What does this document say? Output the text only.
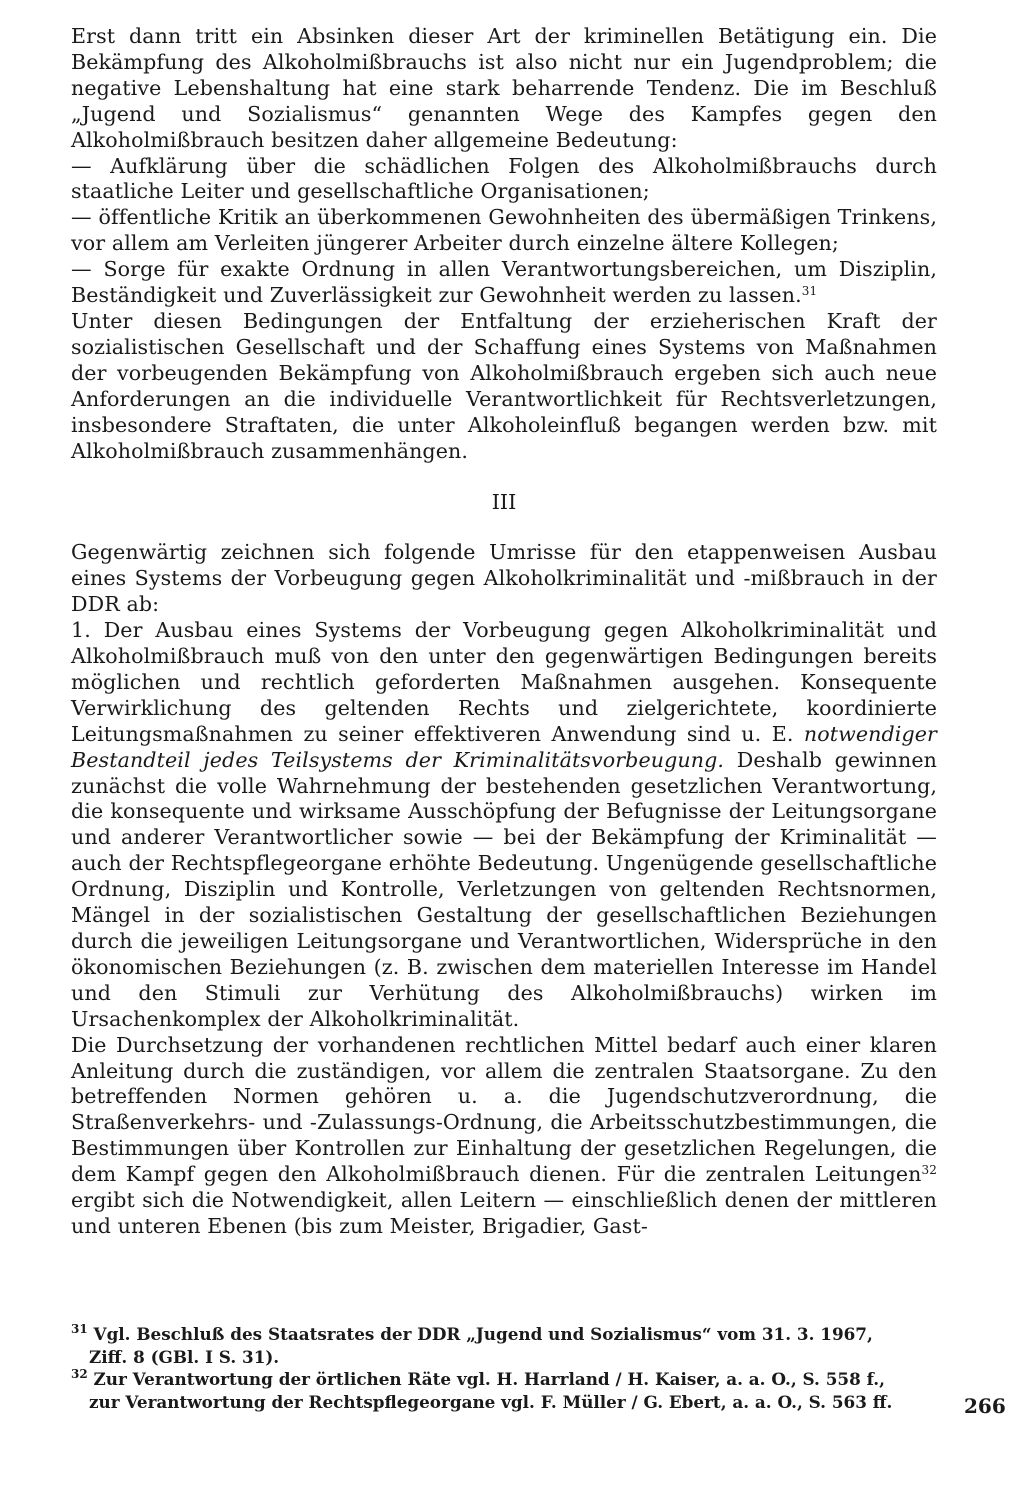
Erst dann tritt ein Absinken dieser Art der kriminellen Betätigung ein. Die Bekämpfung des Alkoholmißbrauchs ist also nicht nur ein Jugendproblem; die negative Lebenshaltung hat eine stark beharrende Tendenz. Die im Beschluß „Jugend und Sozialismus“ genannten Wege des Kampfes gegen den Alkoholmißbrauch besitzen daher allgemeine Bedeutung:

— Aufklärung über die schädlichen Folgen des Alkoholmißbrauchs durch staatliche Leiter und gesellschaftliche Organisationen;

— öffentliche Kritik an überkommenen Gewohnheiten des übermäßigen Trinkens, vor allem am Verleiten jüngerer Arbeiter durch einzelne ältere Kollegen;

— Sorge für exakte Ordnung in allen Verantwortungsbereichen, um Disziplin, Beständigkeit und Zuverlässigkeit zur Gewohnheit werden zu lassen.$^{31}$

Unter diesen Bedingungen der Entfaltung der erzieherischen Kraft der sozialistischen Gesellschaft und der Schaffung eines Systems von Maßnahmen der vorbeugenden Bekämpfung von Alkoholmißbrauch ergeben sich auch neue Anforderungen an die individuelle Verantwortlichkeit für Rechtsverletzungen, insbesondere Straftaten, die unter Alkoholeinfluß begangen werden bzw. mit Alkoholmißbrauch zusammenhängen.

III

Gegenwärtig zeichnen sich folgende Umrisse für den etappenweisen Ausbau eines Systems der Vorbeugung gegen Alkoholkriminalität und -mißbrauch in der DDR ab:

1. Der Ausbau eines Systems der Vorbeugung gegen Alkoholkriminalität und Alkoholmißbrauch muß von den unter den gegenwärtigen Bedingungen bereits möglichen und rechtlich geforderten Maßnahmen ausgehen. Konsequente Verwirklichung des geltenden Rechts und zielgerichtete, koordinierte Leitungsmaßnahmen zu seiner effektiveren Anwendung sind u. E. notwendiger Bestandteil jedes Teilsystems der Kriminalitätsvorbeugung. Deshalb gewinnen zunächst die volle Wahrnehmung der bestehenden gesetzlichen Verantwortung, die konsequente und wirksame Ausschöpfung der Befugnisse der Leitungsorgane und anderer Verantwortlicher sowie — bei der Bekämpfung der Kriminalität — auch der Rechtspflegeorgane erhöhte Bedeutung. Ungenügende gesellschaftliche Ordnung, Disziplin und Kontrolle, Verletzungen von geltenden Rechtsnormen, Mängel in der sozialistischen Gestaltung der gesellschaftlichen Beziehungen durch die jeweiligen Leitungsorgane und Verantwortlichen, Widersprüche in den ökonomischen Beziehungen (z. B. zwischen dem materiellen Interesse im Handel und den Stimuli zur Verhütung des Alkoholmißbrauchs) wirken im Ursachenkomplex der Alkoholkriminalität.

Die Durchsetzung der vorhandenen rechtlichen Mittel bedarf auch einer klaren Anleitung durch die zuständigen, vor allem die zentralen Staatsorgane. Zu den betreffenden Normen gehören u. a. die Jugendschutzverordnung, die Straßenverkehrs- und -Zulassungs-Ordnung, die Arbeitsschutzbestimmungen, die Bestimmungen über Kontrollen zur Einhaltung der gesetzlichen Regelungen, die dem Kampf gegen den Alkoholmißbrauch dienen. Für die zentralen Leitungen$^{32}$ ergibt sich die Notwendigkeit, allen Leitern — einschließlich denen der mittleren und unteren Ebenen (bis zum Meister, Brigadier, Gast-

$^{31}$ Vgl. Beschluß des Staatsrates der DDR „Jugend und Sozialismus“ vom 31. 3. 1967,
Ziff. 8 (GBl. I S. 31).

$^{32}$ Zur Verantwortung der örtlichen Räte vgl. H. Harrland / H. Kaiser, a. a. O., S. 558 f.,
zur Verantwortung der Rechtspflegeorgane vgl. F. Müller / G. Ebert, a. a. O., S. 563 ff.	266
